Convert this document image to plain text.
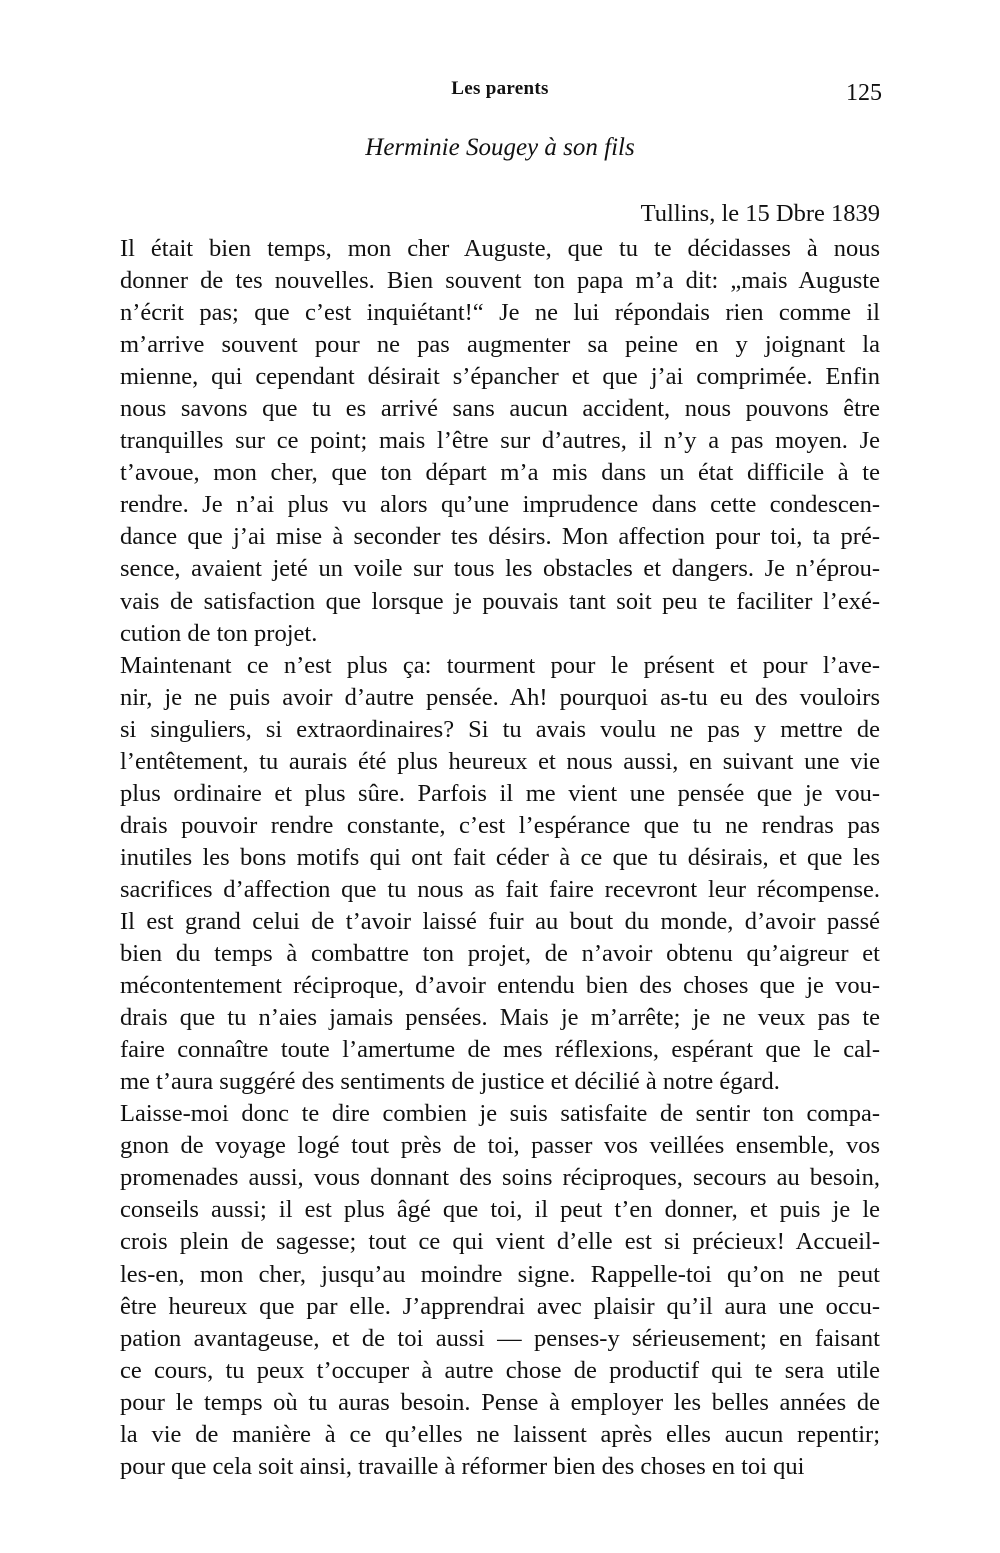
Les parents	125
Herminie Sougey à son fils
Tullins, le 15 Dbre 1839
Il était bien temps, mon cher Auguste, que tu te décidasses à nous
donner de tes nouvelles. Bien souvent ton papa m’a dit: „mais Auguste
n’écrit pas; que c’est inquiétant!“ Je ne lui répondais rien comme il
m’arrive souvent pour ne pas augmenter sa peine en y joignant la
mienne, qui cependant désirait s’épancher et que j’ai comprimée. Enfin
nous savons que tu es arrivé sans aucun accident, nous pouvons être
tranquilles sur ce point; mais l’être sur d’autres, il n’y a pas moyen. Je
t’avoue, mon cher, que ton départ m’a mis dans un état difficile à te
rendre. Je n’ai plus vu alors qu’une imprudence dans cette condescen-
dance que j’ai mise à seconder tes désirs. Mon affection pour toi, ta pré-
sence, avaient jeté un voile sur tous les obstacles et dangers. Je n’éprou-
vais de satisfaction que lorsque je pouvais tant soit peu te faciliter l’exé-
cution de ton projet.
Maintenant ce n’est plus ça: tourment pour le présent et pour l’ave-
nir, je ne puis avoir d’autre pensée. Ah! pourquoi as-tu eu des vouloirs
si singuliers, si extraordinaires? Si tu avais voulu ne pas y mettre de
l’entêtement, tu aurais été plus heureux et nous aussi, en suivant une vie
plus ordinaire et plus sûre. Parfois il me vient une pensée que je vou-
drais pouvoir rendre constante, c’est l’espérance que tu ne rendras pas
inutiles les bons motifs qui ont fait céder à ce que tu désirais, et que les
sacrifices d’affection que tu nous as fait faire recevront leur récompense.
Il est grand celui de t’avoir laissé fuir au bout du monde, d’avoir passé
bien du temps à combattre ton projet, de n’avoir obtenu qu’aigreur et
mécontentement réciproque, d’avoir entendu bien des choses que je vou-
drais que tu n’aies jamais pensées. Mais je m’arrête; je ne veux pas te
faire connaître toute l’amertume de mes réflexions, espérant que le cal-
me t’aura suggéré des sentiments de justice et décilié à notre égard.
Laisse-moi donc te dire combien je suis satisfaite de sentir ton compa-
gnon de voyage logé tout près de toi, passer vos veillées ensemble, vos
promenades aussi, vous donnant des soins réciproques, secours au besoin,
conseils aussi; il est plus âgé que toi, il peut t’en donner, et puis je le
crois plein de sagesse; tout ce qui vient d’elle est si précieux! Accueil-
les-en, mon cher, jusqu’au moindre signe. Rappelle-toi qu’on ne peut
être heureux que par elle. J’apprendrai avec plaisir qu’il aura une occu-
pation avantageuse, et de toi aussi — penses-y sérieusement; en faisant
ce cours, tu peux t’occuper à autre chose de productif qui te sera utile
pour le temps où tu auras besoin. Pense à employer les belles années de
la vie de manière à ce qu’elles ne laissent après elles aucun repentir;
pour que cela soit ainsi, travaille à réformer bien des choses en toi qui
